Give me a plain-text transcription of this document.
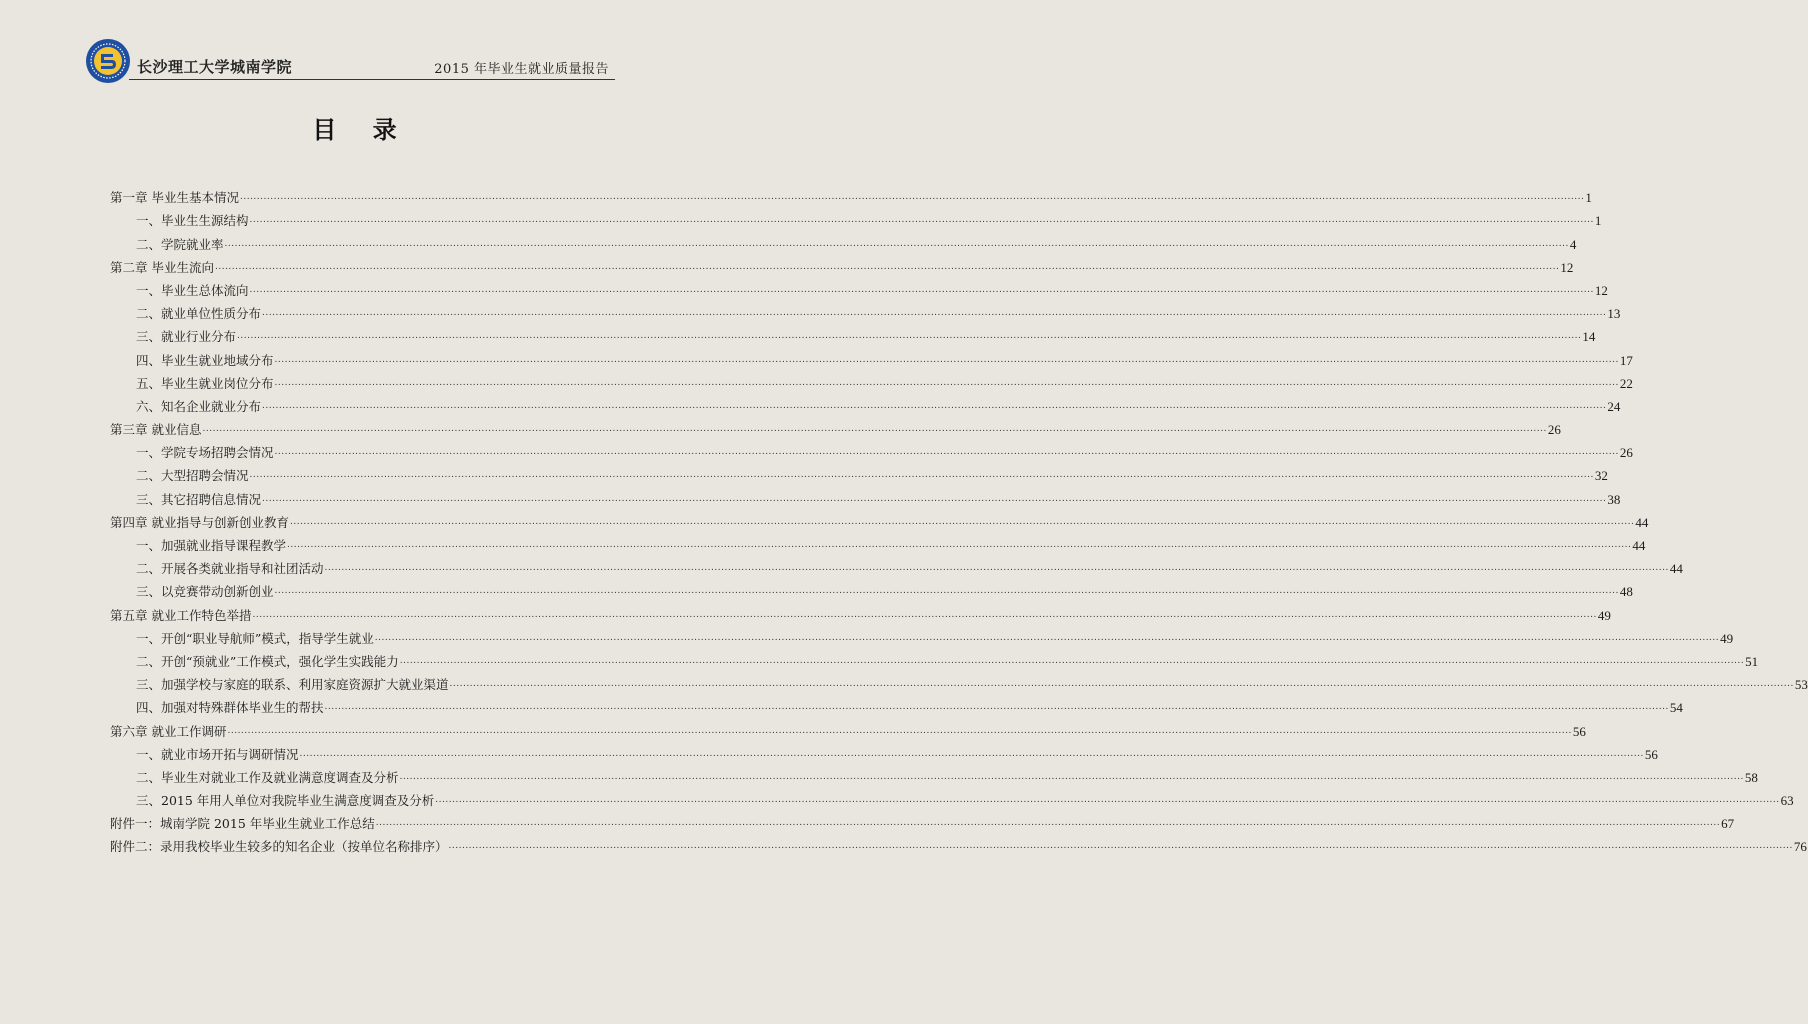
长沙理工大学城南学院	2015 年毕业生就业质量报告
目 录
第一章 毕业生基本情况 ................................................................................................................................................................................................................................................................................................................................................................................................................ 1
一、毕业生生源结构 ................................................................................................................................................................................................................................................................................................................................................................................................................ 1
二、学院就业率 ................................................................................................................................................................................................................................................................................................................................................................................................................ 4
第二章 毕业生流向 ................................................................................................................................................................................................................................................................................................................................................................................................................ 12
一、毕业生总体流向 ................................................................................................................................................................................................................................................................................................................................................................................................................ 12
二、就业单位性质分布 ................................................................................................................................................................................................................................................................................................................................................................................................................ 13
三、就业行业分布 ................................................................................................................................................................................................................................................................................................................................................................................................................ 14
四、毕业生就业地域分布 ................................................................................................................................................................................................................................................................................................................................................................................................................ 17
五、毕业生就业岗位分布 ................................................................................................................................................................................................................................................................................................................................................................................................................ 22
六、知名企业就业分布 ................................................................................................................................................................................................................................................................................................................................................................................................................ 24
第三章 就业信息 ................................................................................................................................................................................................................................................................................................................................................................................................................ 26
一、学院专场招聘会情况 ................................................................................................................................................................................................................................................................................................................................................................................................................ 26
二、大型招聘会情况 ................................................................................................................................................................................................................................................................................................................................................................................................................ 32
三、其它招聘信息情况 ................................................................................................................................................................................................................................................................................................................................................................................................................ 38
第四章 就业指导与创新创业教育 ................................................................................................................................................................................................................................................................................................................................................................................................................ 44
一、加强就业指导课程教学 ................................................................................................................................................................................................................................................................................................................................................................................................................ 44
二、开展各类就业指导和社团活动 ................................................................................................................................................................................................................................................................................................................................................................................................................ 44
三、以竞赛带动创新创业 ................................................................................................................................................................................................................................................................................................................................................................................................................ 48
第五章 就业工作特色举措 ................................................................................................................................................................................................................................................................................................................................................................................................................ 49
一、开创“职业导航师”模式，指导学生就业 ................................................................................................................................................................................................................................................................................................................................................................................................................ 49
二、开创“预就业”工作模式，强化学生实践能力 ................................................................................................................................................................................................................................................................................................................................................................................................................ 51
三、加强学校与家庭的联系、利用家庭资源扩大就业渠道 ................................................................................................................................................................................................................................................................................................................................................................................................................ 53
四、加强对特殊群体毕业生的帮扶 ................................................................................................................................................................................................................................................................................................................................................................................................................ 54
第六章 就业工作调研 ................................................................................................................................................................................................................................................................................................................................................................................................................ 56
一、就业市场开拓与调研情况 ................................................................................................................................................................................................................................................................................................................................................................................................................ 56
二、毕业生对就业工作及就业满意度调查及分析 ................................................................................................................................................................................................................................................................................................................................................................................................................ 58
三、2015 年用人单位对我院毕业生满意度调查及分析 ................................................................................................................................................................................................................................................................................................................................................................................................................ 63
附件一：城南学院 2015 年毕业生就业工作总结 ................................................................................................................................................................................................................................................................................................................................................................................................................ 67
附件二：录用我校毕业生较多的知名企业（按单位名称排序） ................................................................................................................................................................................................................................................................................................................................................................................................................ 76
